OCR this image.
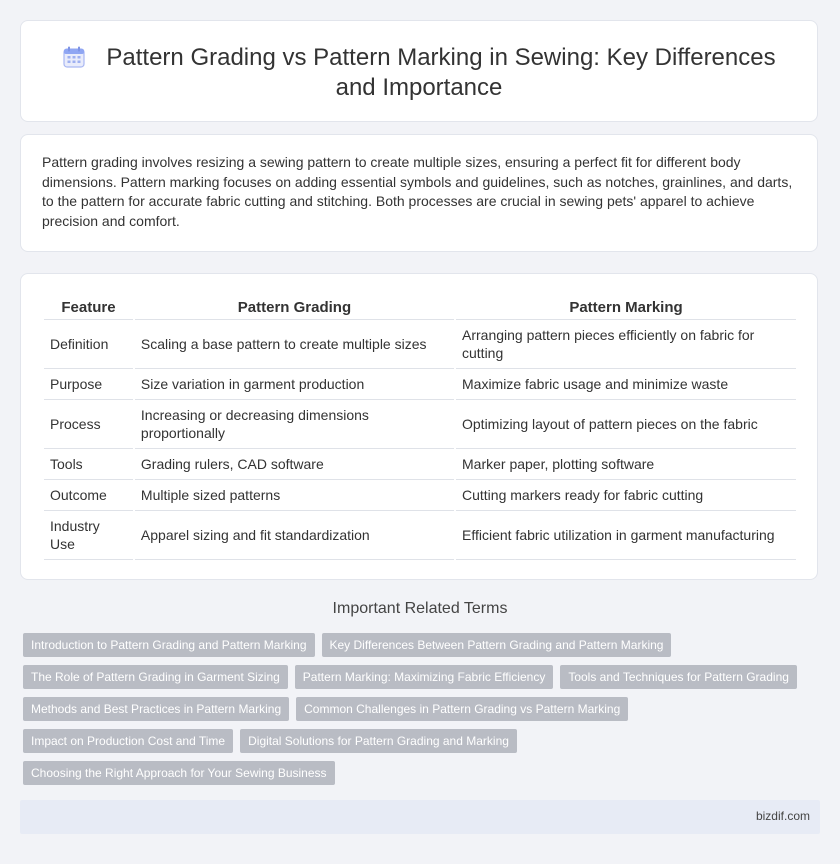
Pattern Grading vs Pattern Marking in Sewing: Key Differences and Importance
Pattern grading involves resizing a sewing pattern to create multiple sizes, ensuring a perfect fit for different body dimensions. Pattern marking focuses on adding essential symbols and guidelines, such as notches, grainlines, and darts, to the pattern for accurate fabric cutting and stitching. Both processes are crucial in sewing pets' apparel to achieve precision and comfort.
Feature	Pattern Grading	Pattern Marking
Definition	Scaling a base pattern to create multiple sizes	Arranging pattern pieces efficiently on fabric for cutting
Purpose	Size variation in garment production	Maximize fabric usage and minimize waste
Process	Increasing or decreasing dimensions proportionally	Optimizing layout of pattern pieces on the fabric
Tools	Grading rulers, CAD software	Marker paper, plotting software
Outcome	Multiple sized patterns	Cutting markers ready for fabric cutting
Industry Use	Apparel sizing and fit standardization	Efficient fabric utilization in garment manufacturing
Important Related Terms
Introduction to Pattern Grading and Pattern Marking	Key Differences Between Pattern Grading and Pattern Marking
The Role of Pattern Grading in Garment Sizing	Pattern Marking: Maximizing Fabric Efficiency	Tools and Techniques for Pattern Grading
Methods and Best Practices in Pattern Marking	Common Challenges in Pattern Grading vs Pattern Marking
Impact on Production Cost and Time	Digital Solutions for Pattern Grading and Marking
Choosing the Right Approach for Your Sewing Business
bizdif.com
